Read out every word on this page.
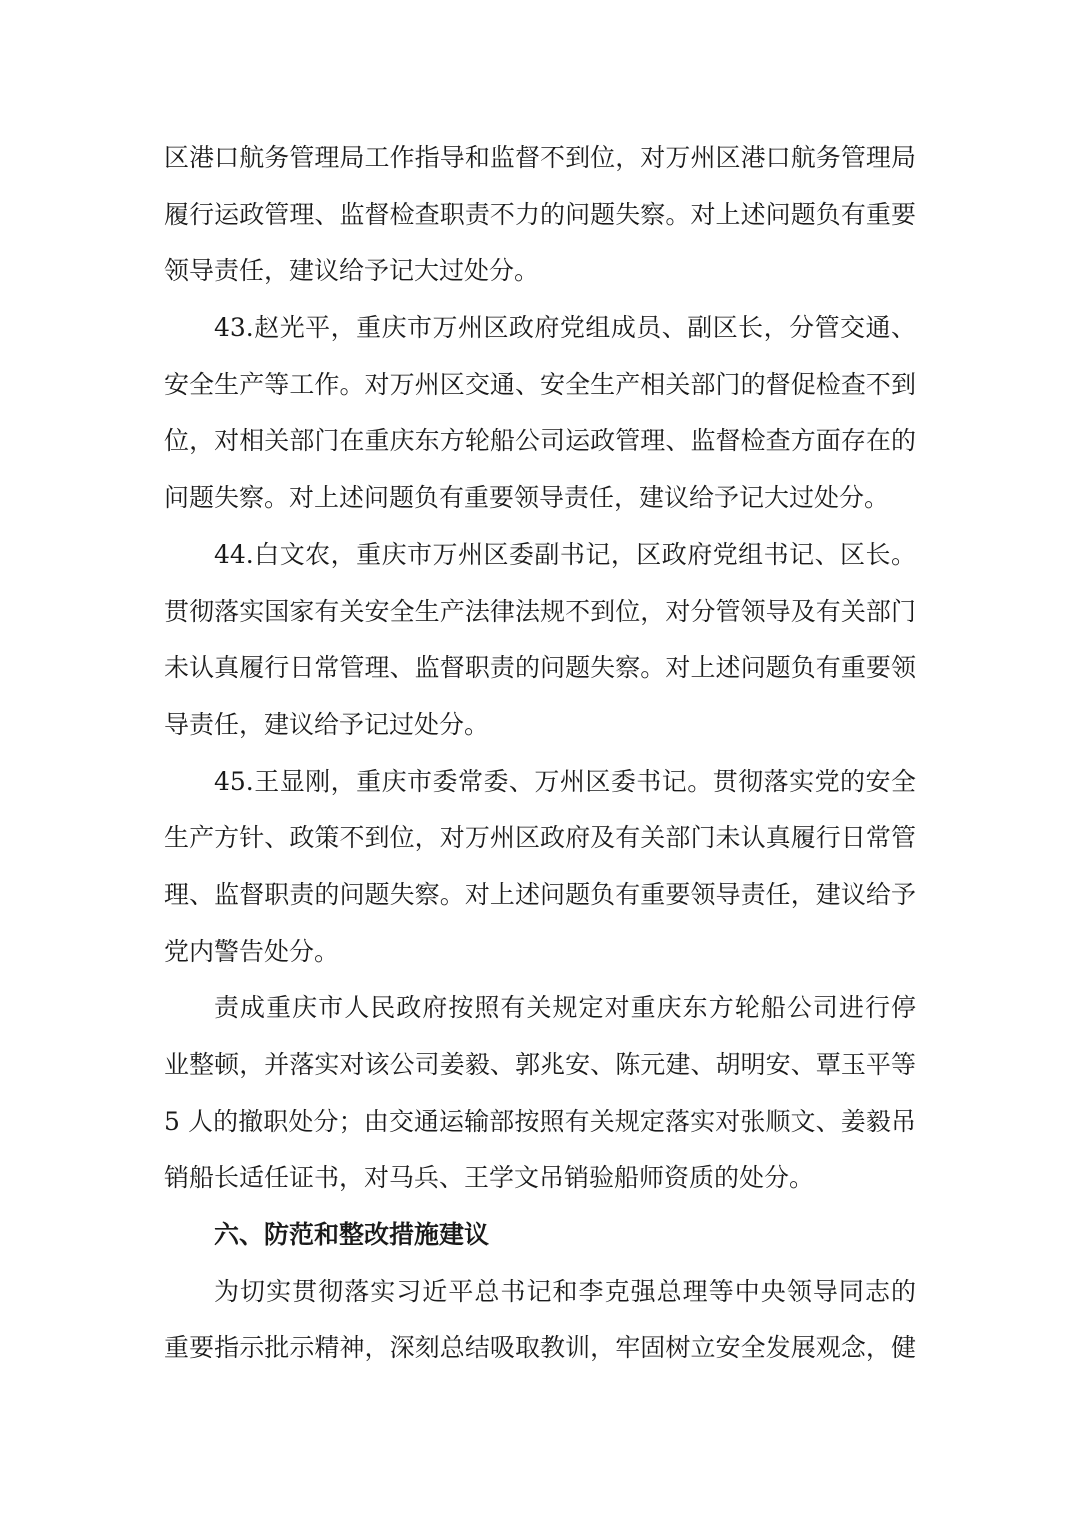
区港口航务管理局工作指导和监督不到位，对万州区港口航务管理局
履行运政管理、监督检查职责不力的问题失察。对上述问题负有重要
领导责任，建议给予记大过处分。
43.赵光平，重庆市万州区政府党组成员、副区长，分管交通、
安全生产等工作。对万州区交通、安全生产相关部门的督促检查不到
位，对相关部门在重庆东方轮船公司运政管理、监督检查方面存在的
问题失察。对上述问题负有重要领导责任，建议给予记大过处分。
44.白文农，重庆市万州区委副书记，区政府党组书记、区长。
贯彻落实国家有关安全生产法律法规不到位，对分管领导及有关部门
未认真履行日常管理、监督职责的问题失察。对上述问题负有重要领
导责任，建议给予记过处分。
45.王显刚，重庆市委常委、万州区委书记。贯彻落实党的安全
生产方针、政策不到位，对万州区政府及有关部门未认真履行日常管
理、监督职责的问题失察。对上述问题负有重要领导责任，建议给予
党内警告处分。
责成重庆市人民政府按照有关规定对重庆东方轮船公司进行停
业整顿，并落实对该公司姜毅、郭兆安、陈元建、胡明安、覃玉平等
5 人的撤职处分；由交通运输部按照有关规定落实对张顺文、姜毅吊
销船长适任证书，对马兵、王学文吊销验船师资质的处分。
六、防范和整改措施建议
为切实贯彻落实习近平总书记和李克强总理等中央领导同志的
重要指示批示精神，深刻总结吸取教训，牢固树立安全发展观念，健
